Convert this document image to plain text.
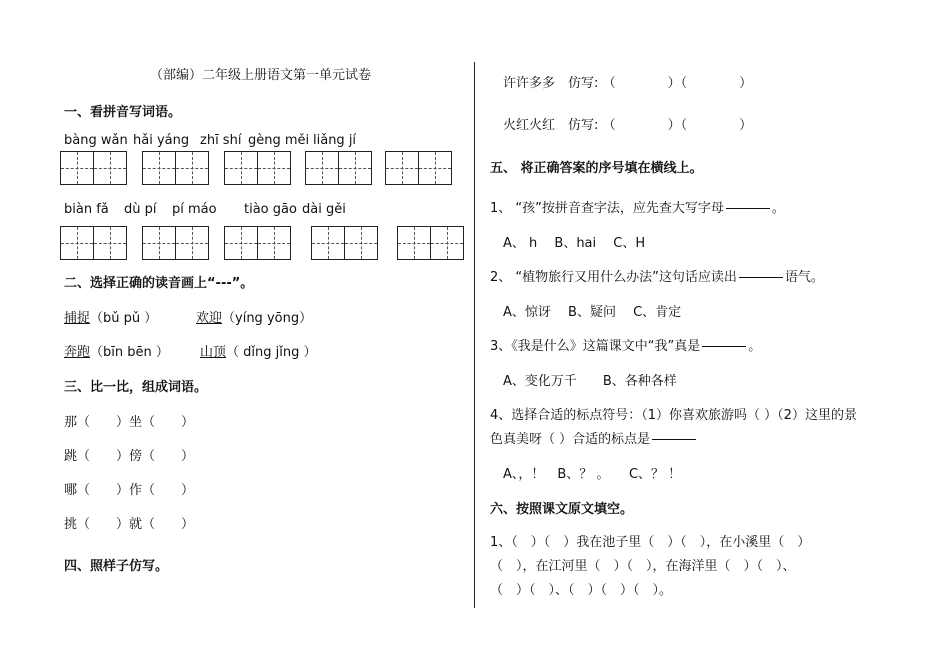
（部编）二年级上册语文第一单元试卷
一、看拼音写词语。
bàng wǎn hǎi yáng zhī shí gèng měi liǎng jí
biàn fǎ dù pí pí máo tiào gāo dài gěi
二、选择正确的读音画上“---”。
捕捉（bǔ pǔ ）	欢迎（yíng yōng）
奔跑（bīn bēn ） 山顶（ dǐng jǐng ）
三、比一比，组成词语。
那（　　）坐（　　）
跳（　　）傍（　　）
哪（　　）作（　　）
挑（　　）就（　　）
四、照样子仿写。
许许多多　 仿写: （　　　　）（　　　　）
火红火红　 仿写: （　　　　）（　　　　）
五、 将正确答案的序号填在横线上。
1、 “孩”按拼音查字法，应先查大写字母	。
A、 h　 B、hai　 C、H
2、 “植物旅行又用什么办法”这句话应读出	语气。
A、惊讶　 B、疑问　 C、肯定
3、《我是什么》这篇课文中“我”真是	。
A、变化万千　　B、各种各样
4、选择合适的标点符号：（1）你喜欢旅游吗（ ）（2）这里的景
色真美呀（ ）合适的标点是
A、，！　B、？ 。　　C、？ ！
六、按照课文原文填空。
1、（　）（　）我在池子里（　）（　），在小溪里（　）
（　），在江河里（　）（　），在海洋里（　）（　）、
（　）（　）、（　）（　）（　）。
